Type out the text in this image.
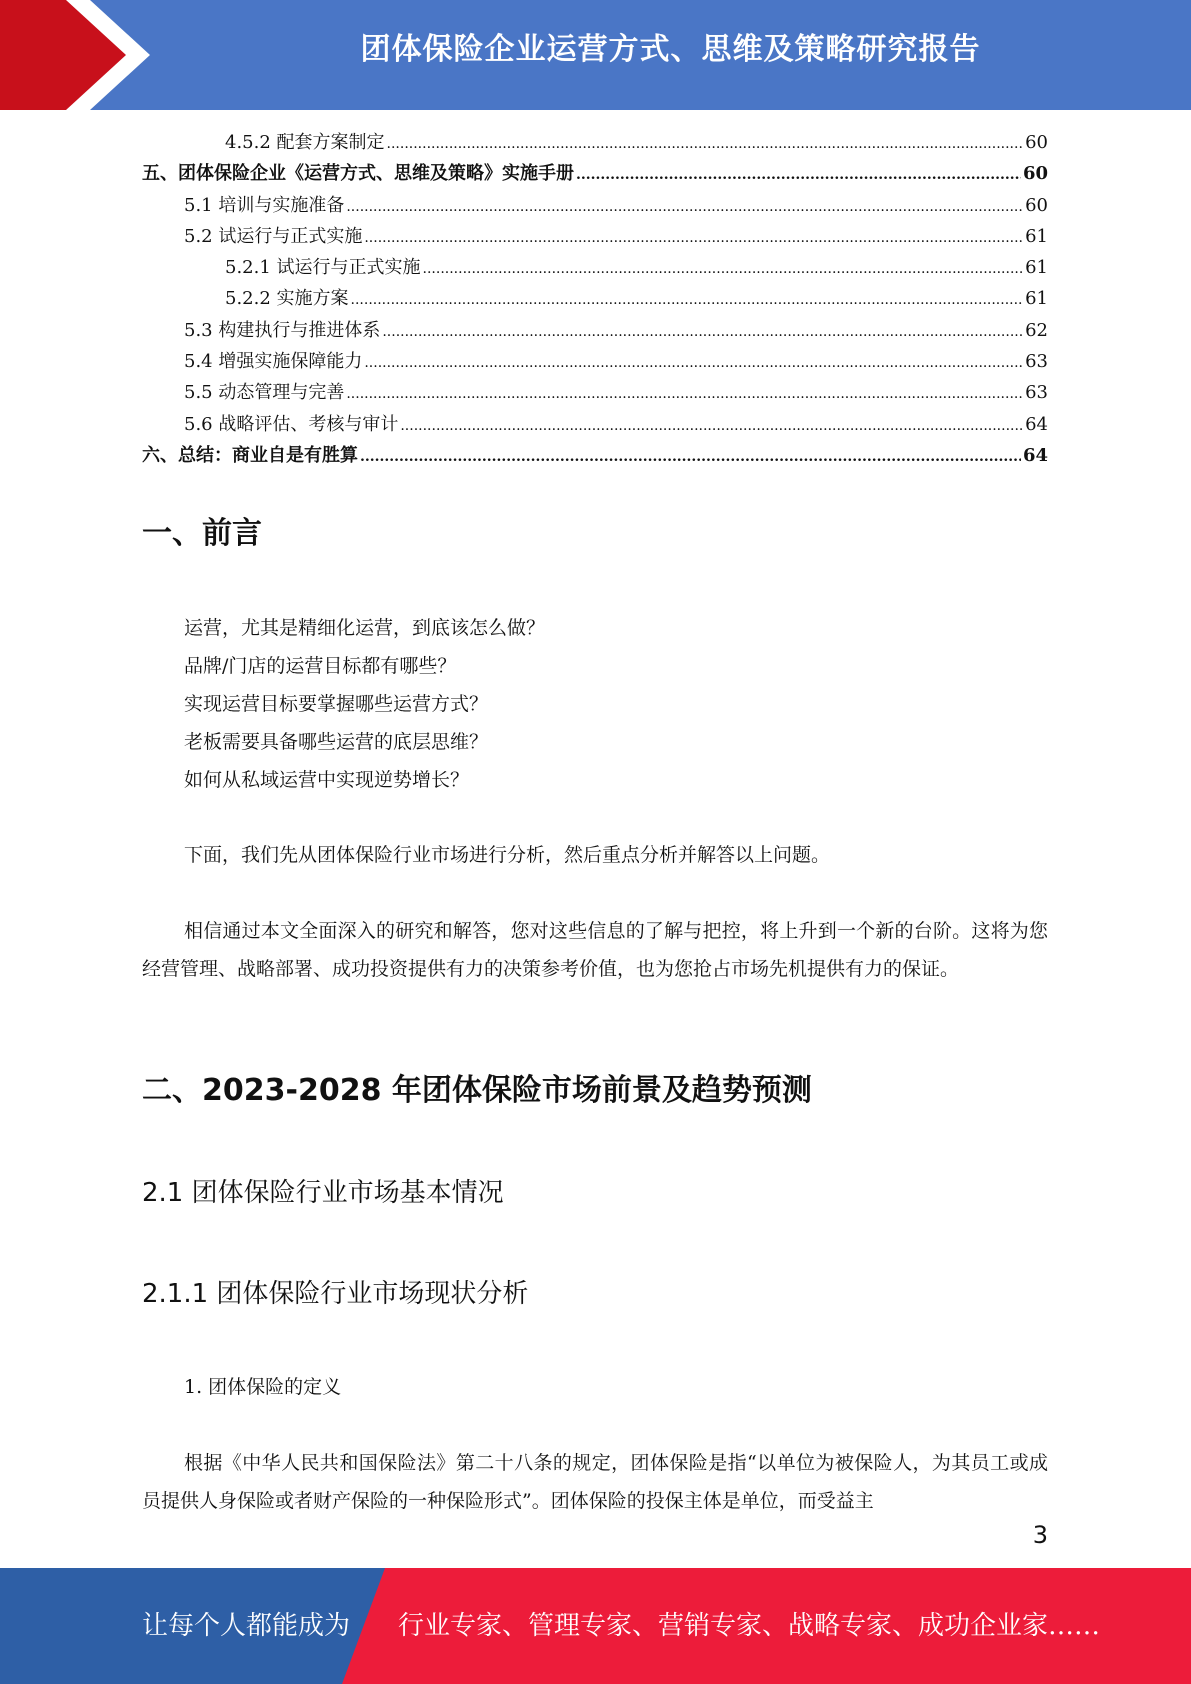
团体保险企业运营方式、思维及策略研究报告
4.5.2 配套方案制定 .....	60
五、团体保险企业《运营方式、思维及策略》实施手册 .....	60
5.1 培训与实施准备 .....	60
5.2 试运行与正式实施 .....	61
5.2.1 试运行与正式实施 .....	61
5.2.2 实施方案 .....	61
5.3 构建执行与推进体系 .....	62
5.4 增强实施保障能力 .....	63
5.5 动态管理与完善 .....	63
5.6 战略评估、考核与审计 .....	64
六、总结：商业自是有胜算 .....	64
一、前言
运营，尤其是精细化运营，到底该怎么做？
品牌/门店的运营目标都有哪些？
实现运营目标要掌握哪些运营方式？
老板需要具备哪些运营的底层思维？
如何从私域运营中实现逆势增长？

下面，我们先从团体保险行业市场进行分析，然后重点分析并解答以上问题。

相信通过本文全面深入的研究和解答，您对这些信息的了解与把控，将上升到一个新的台阶。这将为您经营管理、战略部署、成功投资提供有力的决策参考价值，也为您抢占市场先机提供有力的保证。

二、2023-2028 年团体保险市场前景及趋势预测
2.1 团体保险行业市场基本情况
2.1.1 团体保险行业市场现状分析

1. 团体保险的定义

根据《中华人民共和国保险法》第二十八条的规定，团体保险是指“以单位为被保险人，为其员工或成员提供人身保险或者财产保险的一种保险形式”。团体保险的投保主体是单位，而受益主

3
让每个人都能成为 行业专家、管理专家、营销专家、战略专家、成功企业家……
